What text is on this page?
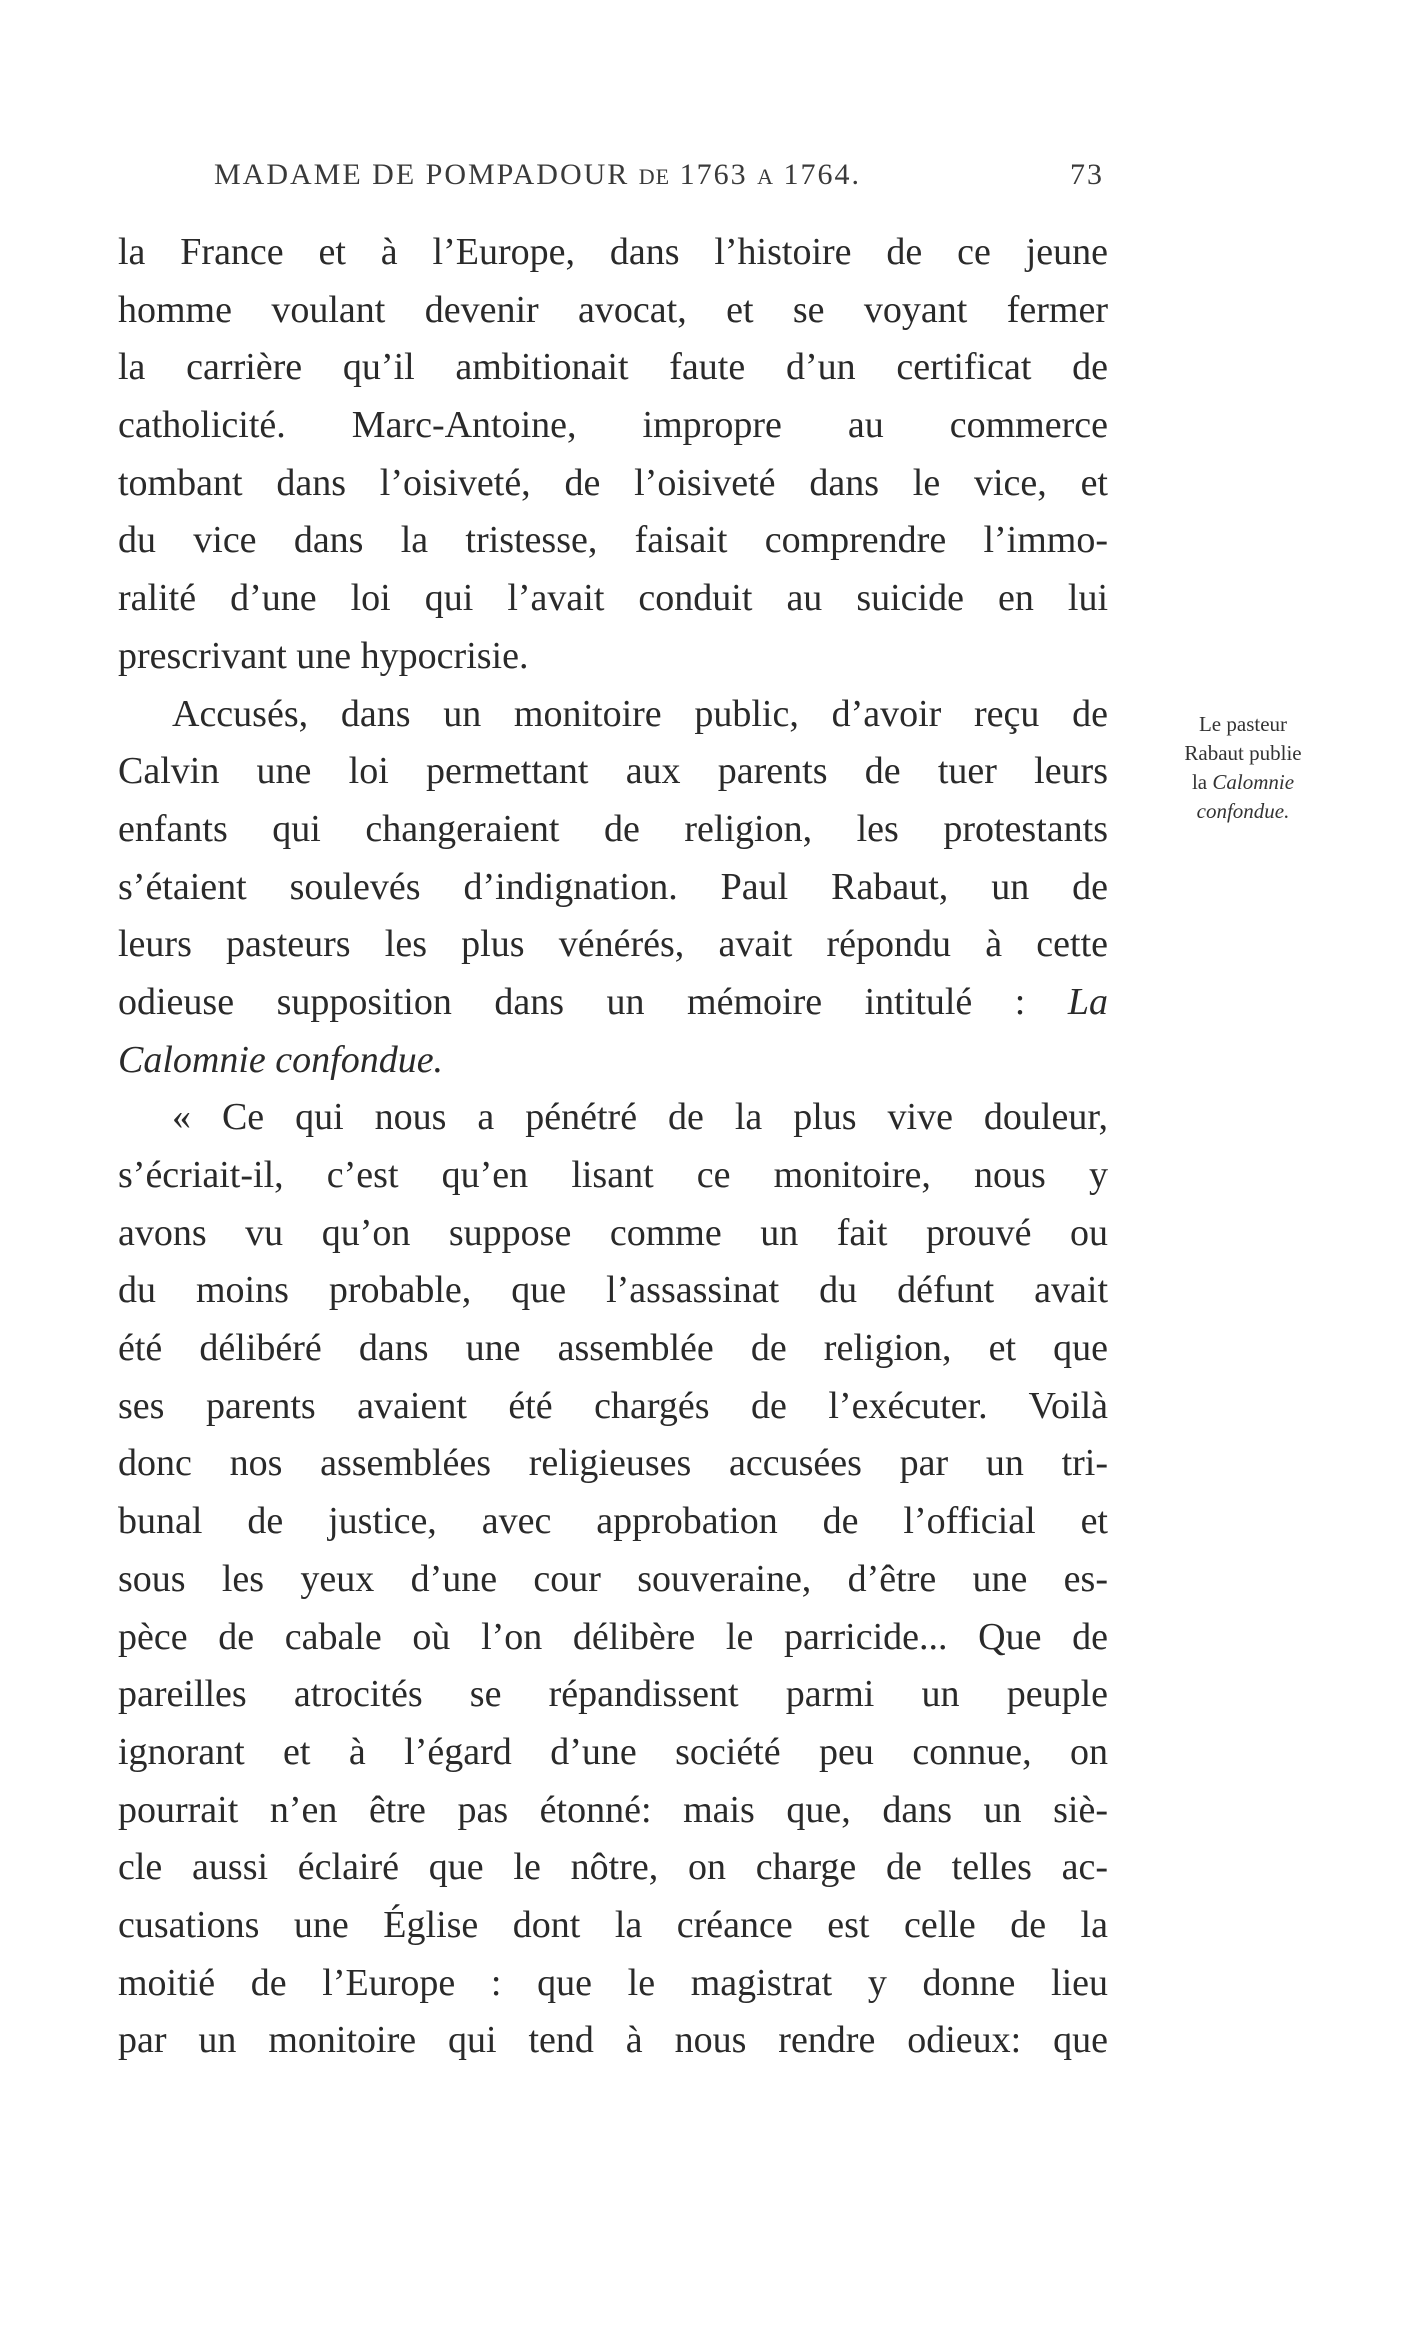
MADAME DE POMPADOUR DE 1763 A 1764.	73
la France et à l’Europe, dans l’histoire de ce jeune
homme voulant devenir avocat, et se voyant fermer
la carrière qu’il ambitionait faute d’un certificat de
catholicité. Marc-Antoine, impropre au commerce
tombant dans l’oisiveté, de l’oisiveté dans le vice, et
du vice dans la tristesse, faisait comprendre l’immo-
ralité d’une loi qui l’avait conduit au suicide en lui
prescrivant une hypocrisie.
Accusés, dans un monitoire public, d’avoir reçu de
Calvin une loi permettant aux parents de tuer leurs
enfants qui changeraient de religion, les protestants
s’étaient soulevés d’indignation. Paul Rabaut, un de
leurs pasteurs les plus vénérés, avait répondu à cette
odieuse supposition dans un mémoire intitulé : La
Calomnie confondue.
« Ce qui nous a pénétré de la plus vive douleur,
s’écriait-il, c’est qu’en lisant ce monitoire, nous y
avons vu qu’on suppose comme un fait prouvé ou
du moins probable, que l’assassinat du défunt avait
été délibéré dans une assemblée de religion, et que
ses parents avaient été chargés de l’exécuter. Voilà
donc nos assemblées religieuses accusées par un tri-
bunal de justice, avec approbation de l’official et
sous les yeux d’une cour souveraine, d’être une es-
pèce de cabale où l’on délibère le parricide... Que de
pareilles atrocités se répandissent parmi un peuple
ignorant et à l’égard d’une société peu connue, on
pourrait n’en être pas étonné: mais que, dans un siè-
cle aussi éclairé que le nôtre, on charge de telles ac-
cusations une Église dont la créance est celle de la
moitié de l’Europe : que le magistrat y donne lieu
par un monitoire qui tend à nous rendre odieux: que
Le pasteur
Rabaut publie
la Calomnie
confondue.
